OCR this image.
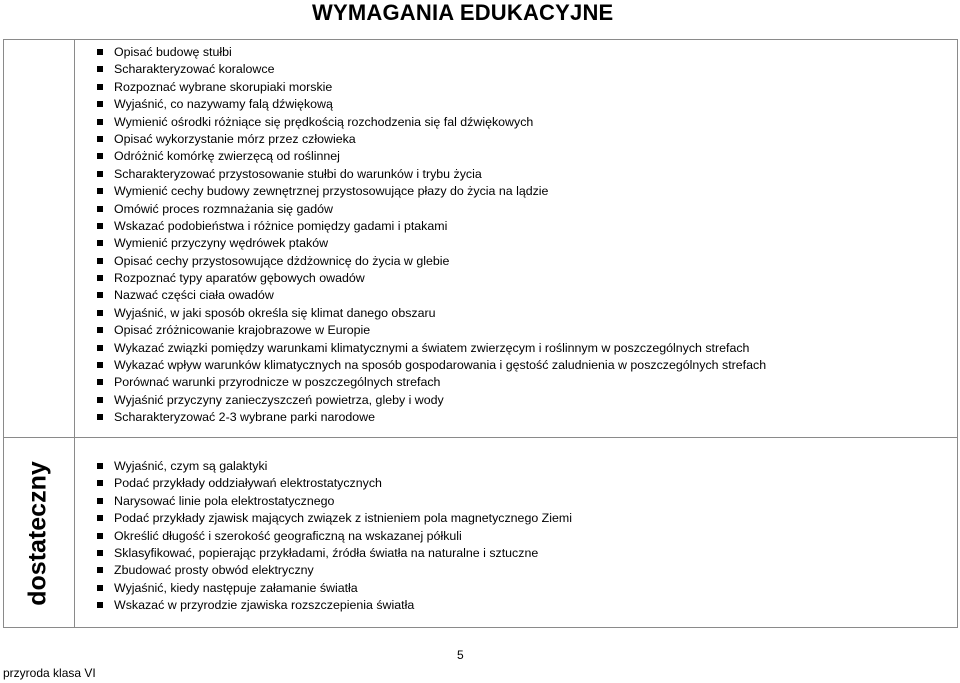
WYMAGANIA EDUKACYJNE
dostateczny
Opisać budowę stułbi
Scharakteryzować koralowce
Rozpoznać wybrane skorupiaki morskie
Wyjaśnić, co nazywamy falą dźwiękową
Wymienić ośrodki różniące się prędkością rozchodzenia się fal dźwiękowych
Opisać wykorzystanie mórz przez człowieka
Odróżnić komórkę zwierzęcą od roślinnej
Scharakteryzować przystosowanie stułbi do warunków i trybu życia
Wymienić cechy budowy zewnętrznej przystosowujące płazy do życia na lądzie
Omówić proces rozmnażania się gadów
Wskazać podobieństwa i różnice pomiędzy gadami i ptakami
Wymienić przyczyny wędrówek ptaków
Opisać cechy przystosowujące dżdżownicę do życia w glebie
Rozpoznać typy aparatów gębowych owadów
Nazwać części ciała owadów
Wyjaśnić, w jaki sposób określa się klimat danego obszaru
Opisać zróżnicowanie krajobrazowe w Europie
Wykazać związki pomiędzy warunkami klimatycznymi a światem zwierzęcym i roślinnym w poszczególnych strefach
Wykazać wpływ warunków klimatycznych na sposób gospodarowania i gęstość zaludnienia w poszczególnych strefach
Porównać warunki przyrodnicze w poszczególnych strefach
Wyjaśnić przyczyny zanieczyszczeń powietrza, gleby i wody
Scharakteryzować 2-3 wybrane parki narodowe
Wyjaśnić, czym są galaktyki
Podać przykłady oddziaływań elektrostatycznych
Narysować linie pola elektrostatycznego
Podać przykłady zjawisk mających związek z istnieniem pola magnetycznego Ziemi
Określić długość i szerokość geograficzną na wskazanej półkuli
Sklasyfikować, popierając przykładami, źródła światła na naturalne i sztuczne
Zbudować prosty obwód elektryczny
Wyjaśnić, kiedy następuje załamanie światła
Wskazać w przyrodzie zjawiska rozszczepienia światła
5
przyroda klasa VI
